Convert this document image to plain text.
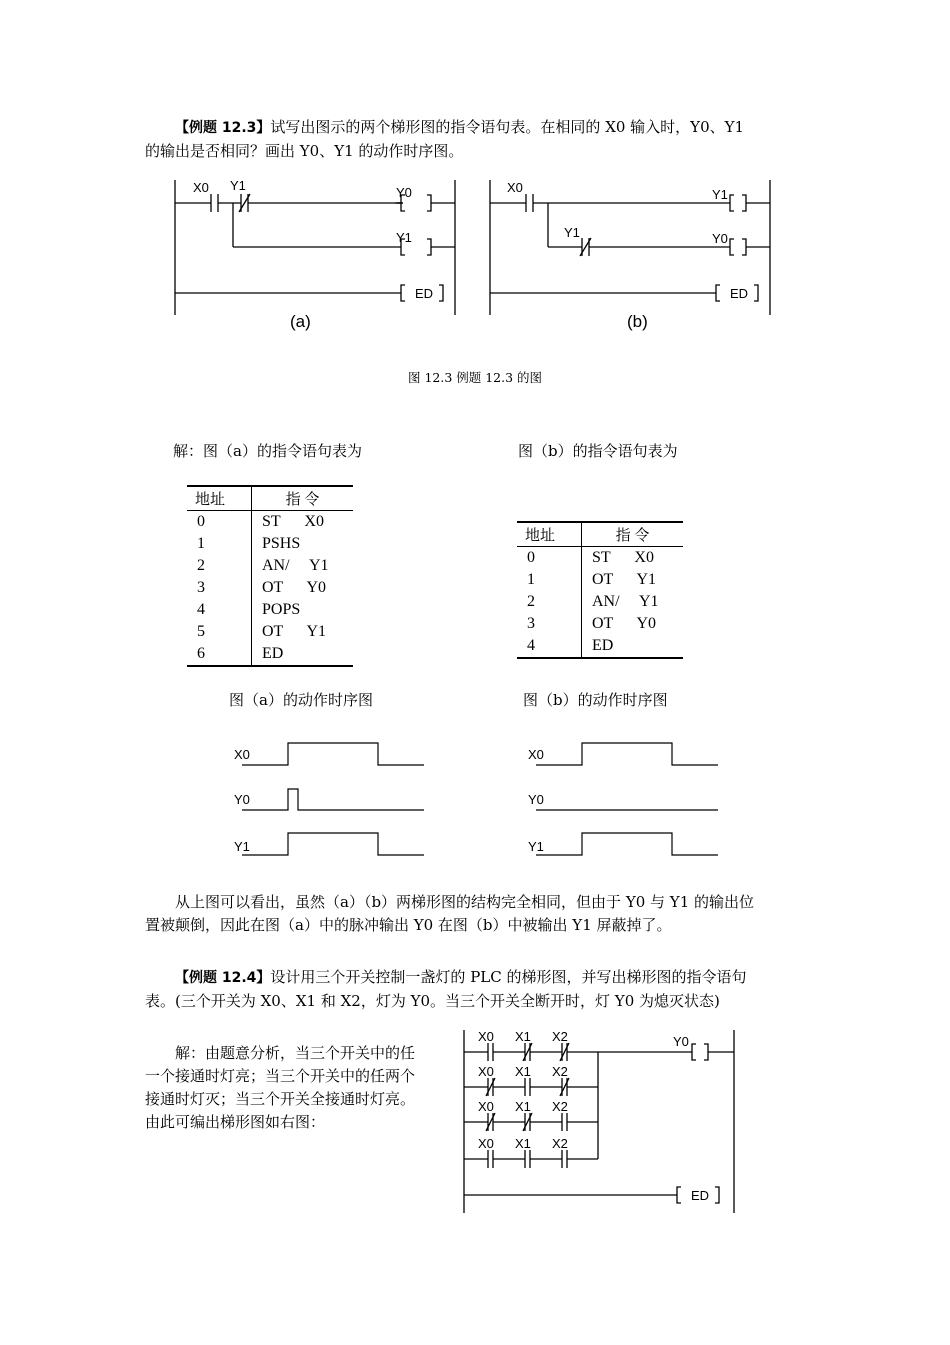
【例题 12.3】试写出图示的两个梯形图的指令语句表。在相同的 X0 输入时，Y0、Y1
的输出是否相同？画出 Y0、Y1 的动作时序图。
X0 Y1	Y0
Y1
ED
(a)
X0	Y1
Y1	Y0
ED
(b)
图 12.3 例题 12.3 的图
解：图（a）的指令语句表为	图（b）的指令语句表为
地址	指 令
0	ST      X0
1	PSHS
2	AN/     Y1
3	OT      Y0
4	POPS
5	OT      Y1
6	ED
地址	指 令
0	ST      X0
1	OT      Y1
2	AN/     Y1
3	OT      Y0
4	ED
图（a）的动作时序图	图（b）的动作时序图
X0
Y0
Y1
X0
Y0
Y1
从上图可以看出，虽然（a）（b）两梯形图的结构完全相同，但由于 Y0 与 Y1 的输出位
置被颠倒，因此在图（a）中的脉冲输出 Y0 在图（b）中被输出 Y1 屏蔽掉了。
【例题 12.4】设计用三个开关控制一盏灯的 PLC 的梯形图，并写出梯形图的指令语句
表。(三个开关为 X0、X1 和 X2，灯为 Y0。当三个开关全断开时，灯 Y0 为熄灭状态)
解：由题意分析，当三个开关中的任
一个接通时灯亮；当三个开关中的任两个
接通时灯灭；当三个开关全接通时灯亮。
由此可编出梯形图如右图：
X0 X1 X2
X0 X1 X2
X0 X1 X2
X0 X1 X2
Y0
ED
